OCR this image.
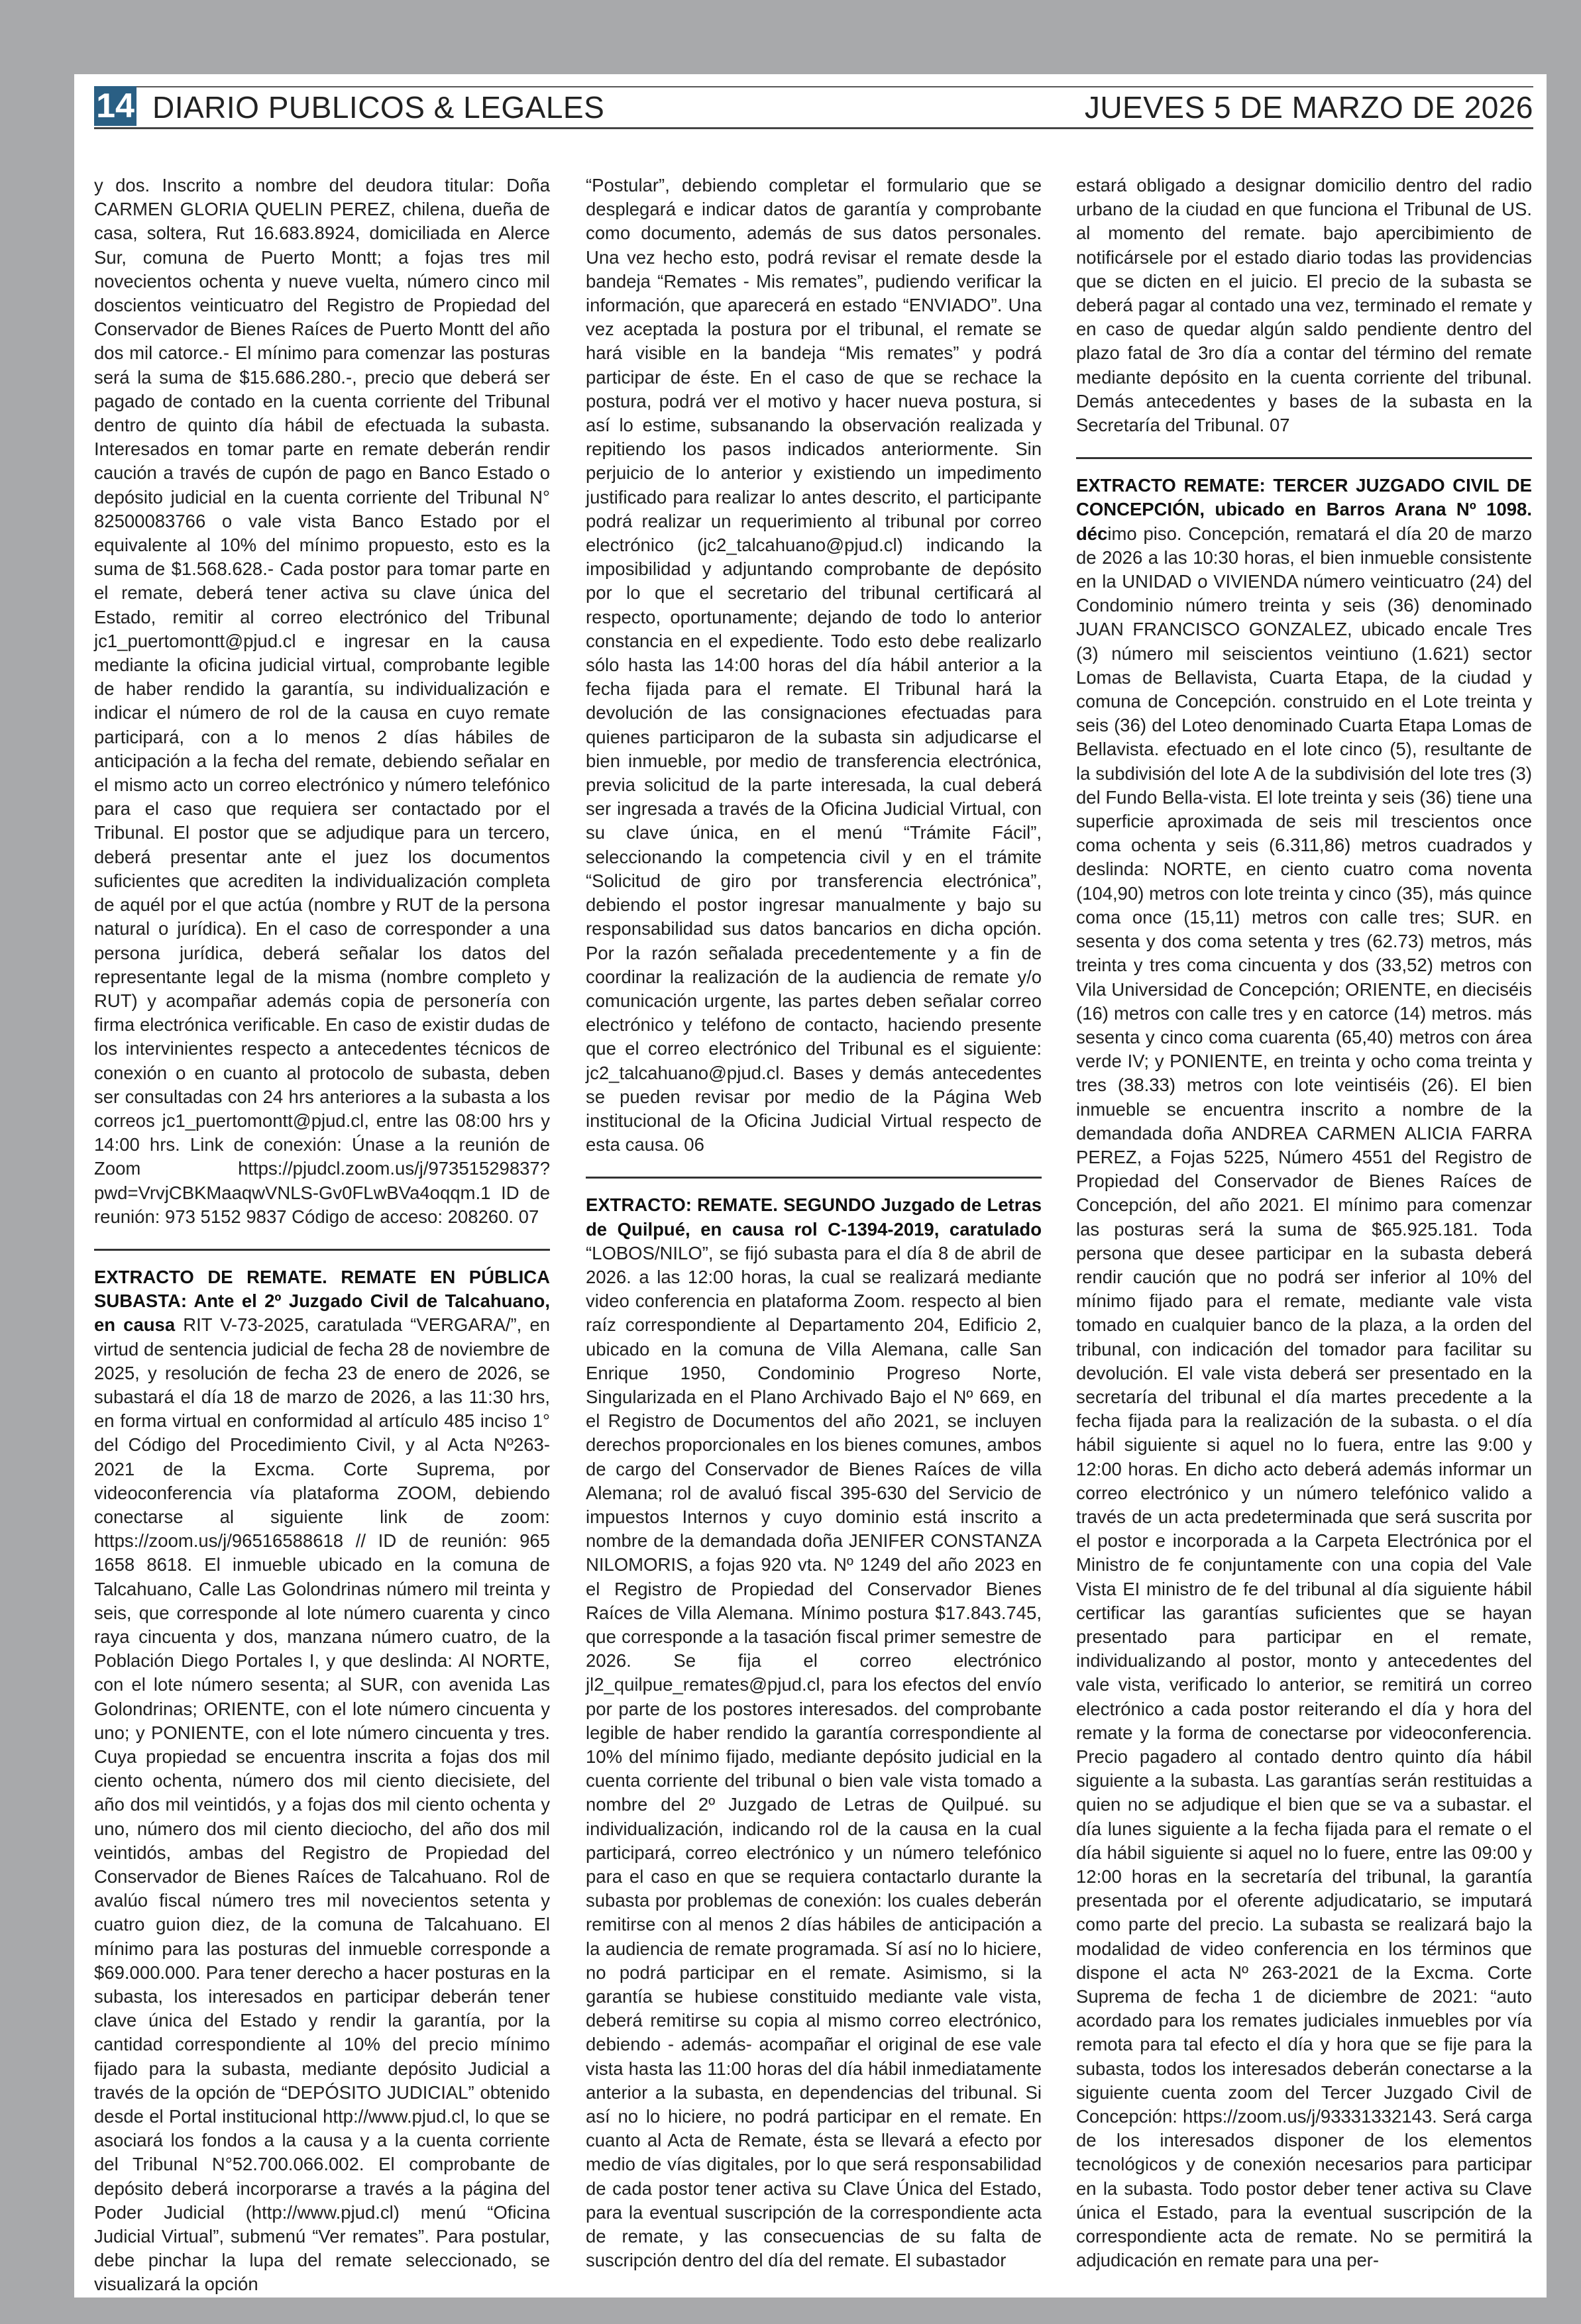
14 DIARIO PUBLICOS & LEGALES	JUEVES 5 DE MARZO DE 2026

y dos. Inscrito a nombre del deudora titular: Doña CARMEN GLORIA QUELIN PEREZ, chilena, dueña de casa, soltera, Rut 16.683.8924, domiciliada en Alerce Sur, comuna de Puerto Montt; a fojas tres mil novecientos ochenta y nueve vuelta, número cinco mil doscientos veinticuatro del Registro de Propiedad del Conservador de Bienes Raíces de Puerto Montt del año dos mil catorce.- El mínimo para comenzar las posturas será la suma de $15.686.280.-, precio que deberá ser pagado de contado en la cuenta corriente del Tribunal dentro de quinto día hábil de efectuada la subasta. Interesados en tomar parte en remate deberán rendir caución a través de cupón de pago en Banco Estado o depósito judicial en la cuenta corriente del Tribunal N° 82500083766 o vale vista Banco Estado por el equivalente al 10% del mínimo propuesto, esto es la suma de $1.568.628.- Cada postor para tomar parte en el remate, deberá tener activa su clave única del Estado, remitir al correo electrónico del Tribunal jc1_puertomontt@pjud.cl e ingresar en la causa mediante la oficina judicial virtual, comprobante legible de haber rendido la garantía, su individualización e indicar el número de rol de la causa en cuyo remate participará, con a lo menos 2 días hábiles de anticipación a la fecha del remate, debiendo señalar en el mismo acto un correo electrónico y número telefónico para el caso que requiera ser contactado por el Tribunal. El postor que se adjudique para un tercero, deberá presentar ante el juez los documentos suficientes que acrediten la individualización completa de aquél por el que actúa (nombre y RUT de la persona natural o jurídica). En el caso de corresponder a una persona jurídica, deberá señalar los datos del representante legal de la misma (nombre completo y RUT) y acompañar además copia de personería con firma electrónica verificable. En caso de existir dudas de los intervinientes respecto a antecedentes técnicos de conexión o en cuanto al protocolo de subasta, deben ser consultadas con 24 hrs anteriores a la subasta a los correos jc1_puertomontt@pjud.cl, entre las 08:00 hrs y 14:00 hrs. Link de conexión: Únase a la reunión de Zoom https://pjudcl.zoom.us/j/97351529837?pwd=VrvjCBKMaaqwVNLS-Gv0FLwBVa4oqqm.1 ID de reunión: 973 5152 9837 Código de acceso: 208260. 07

EXTRACTO DE REMATE. REMATE EN PÚBLICA SUBASTA: Ante el 2º Juzgado Civil de Talcahuano, en causa RIT V-73-2025, caratulada “VERGARA/”, en virtud de sentencia judicial de fecha 28 de noviembre de 2025, y resolución de fecha 23 de enero de 2026, se subastará el día 18 de marzo de 2026, a las 11:30 hrs, en forma virtual en conformidad al artículo 485 inciso 1° del Código del Procedimiento Civil, y al Acta Nº263- 2021 de la Excma. Corte Suprema, por videoconferencia vía plataforma ZOOM, debiendo conectarse al siguiente link de zoom: https://zoom.us/j/96516588618 // ID de reunión: 965 1658 8618. El inmueble ubicado en la comuna de Talcahuano, Calle Las Golondrinas número mil treinta y seis, que corresponde al lote número cuarenta y cinco raya cincuenta y dos, manzana número cuatro, de la Población Diego Portales I, y que deslinda: Al NORTE, con el lote número sesenta; al SUR, con avenida Las Golondrinas; ORIENTE, con el lote número cincuenta y uno; y PONIENTE, con el lote número cincuenta y tres. Cuya propiedad se encuentra inscrita a fojas dos mil ciento ochenta, número dos mil ciento diecisiete, del año dos mil veintidós, y a fojas dos mil ciento ochenta y uno, número dos mil ciento dieciocho, del año dos mil veintidós, ambas del Registro de Propiedad del Conservador de Bienes Raíces de Talcahuano. Rol de avalúo fiscal número tres mil novecientos setenta y cuatro guion diez, de la comuna de Talcahuano. El mínimo para las posturas del inmueble corresponde a $69.000.000. Para tener derecho a hacer posturas en la subasta, los interesados en participar deberán tener clave única del Estado y rendir la garantía, por la cantidad correspondiente al 10% del precio mínimo fijado para la subasta, mediante depósito Judicial a través de la opción de “DEPÓSITO JUDICIAL” obtenido desde el Portal institucional http://www.pjud.cl, lo que se asociará los fondos a la causa y a la cuenta corriente del Tribunal N°52.700.066.002. El comprobante de depósito deberá incorporarse a través a la página del Poder Judicial (http://www.pjud.cl) menú “Oficina Judicial Virtual”, submenú “Ver remates”. Para postular, debe pinchar la lupa del remate seleccionado, se visualizará la opción

“Postular”, debiendo completar el formulario que se desplegará e indicar datos de garantía y comprobante como documento, además de sus datos personales. Una vez hecho esto, podrá revisar el remate desde la bandeja “Remates - Mis remates”, pudiendo verificar la información, que aparecerá en estado “ENVIADO”. Una vez aceptada la postura por el tribunal, el remate se hará visible en la bandeja “Mis remates” y podrá participar de éste. En el caso de que se rechace la postura, podrá ver el motivo y hacer nueva postura, si así lo estime, subsanando la observación realizada y repitiendo los pasos indicados anteriormente. Sin perjuicio de lo anterior y existiendo un impedimento justificado para realizar lo antes descrito, el participante podrá realizar un requerimiento al tribunal por correo electrónico (jc2_talcahuano@pjud.cl) indicando la imposibilidad y adjuntando comprobante de depósito por lo que el secretario del tribunal certificará al respecto, oportunamente; dejando de todo lo anterior constancia en el expediente. Todo esto debe realizarlo sólo hasta las 14:00 horas del día hábil anterior a la fecha fijada para el remate. El Tribunal hará la devolución de las consignaciones efectuadas para quienes participaron de la subasta sin adjudicarse el bien inmueble, por medio de transferencia electrónica, previa solicitud de la parte interesada, la cual deberá ser ingresada a través de la Oficina Judicial Virtual, con su clave única, en el menú “Trámite Fácil”, seleccionando la competencia civil y en el trámite “Solicitud de giro por transferencia electrónica”, debiendo el postor ingresar manualmente y bajo su responsabilidad sus datos bancarios en dicha opción. Por la razón señalada precedentemente y a fin de coordinar la realización de la audiencia de remate y/o comunicación urgente, las partes deben señalar correo electrónico y teléfono de contacto, haciendo presente que el correo electrónico del Tribunal es el siguiente: jc2_talcahuano@pjud.cl. Bases y demás antecedentes se pueden revisar por medio de la Página Web institucional de la Oficina Judicial Virtual respecto de esta causa. 06

EXTRACTO: REMATE. SEGUNDO Juzgado de Letras de Quilpué, en causa rol C-1394-2019, caratulado “LOBOS/NILO”, se fijó subasta para el día 8 de abril de 2026. a las 12:00 horas, la cual se realizará mediante video conferencia en plataforma Zoom. respecto al bien raíz correspondiente al Departamento 204, Edificio 2, ubicado en la comuna de Villa Alemana, calle San Enrique 1950, Condominio Progreso Norte, Singularizada en el Plano Archivado Bajo el Nº 669, en el Registro de Documentos del año 2021, se incluyen derechos proporcionales en los bienes comunes, ambos de cargo del Conservador de Bienes Raíces de villa Alemana; rol de avaluó fiscal 395-630 del Servicio de impuestos Internos y cuyo dominio está inscrito a nombre de la demandada doña JENIFER CONSTANZA NILOMORIS, a fojas 920 vta. Nº 1249 del año 2023 en el Registro de Propiedad del Conservador Bienes Raíces de Villa Alemana. Mínimo postura $17.843.745, que corresponde a la tasación fiscal primer semestre de 2026. Se fija el correo electrónico jl2_quilpue_remates@pjud.cl, para los efectos del envío por parte de los postores interesados. del comprobante legible de haber rendido la garantía correspondiente al 10% del mínimo fijado, mediante depósito judicial en la cuenta corriente del tribunal o bien vale vista tomado a nombre del 2º Juzgado de Letras de Quilpué. su individualización, indicando rol de la causa en la cual participará, correo electrónico y un número telefónico para el caso en que se requiera contactarlo durante la subasta por problemas de conexión: los cuales deberán remitirse con al menos 2 días hábiles de anticipación a la audiencia de remate programada. Sí así no lo hiciere, no podrá participar en el remate. Asimismo, si la garantía se hubiese constituido mediante vale vista, deberá remitirse su copia al mismo correo electrónico, debiendo - además- acompañar el original de ese vale vista hasta las 11:00 horas del día hábil inmediatamente anterior a la subasta, en dependencias del tribunal. Si así no lo hiciere, no podrá participar en el remate. En cuanto al Acta de Remate, ésta se llevará a efecto por medio de vías digitales, por lo que será responsabilidad de cada postor tener activa su Clave Única del Estado, para la eventual suscripción de la correspondiente acta de remate, y las consecuencias de su falta de suscripción dentro del día del remate. El subastador

estará obligado a designar domicilio dentro del radio urbano de la ciudad en que funciona el Tribunal de US. al momento del remate. bajo apercibimiento de notificársele por el estado diario todas las providencias que se dicten en el juicio. El precio de la subasta se deberá pagar al contado una vez, terminado el remate y en caso de quedar algún saldo pendiente dentro del plazo fatal de 3ro día a contar del término del remate mediante depósito en la cuenta corriente del tribunal. Demás antecedentes y bases de la subasta en la Secretaría del Tribunal. 07

EXTRACTO REMATE: TERCER JUZGADO CIVIL DE CONCEPCIÓN, ubicado en Barros Arana Nº 1098. décimo piso. Concepción, rematará el día 20 de marzo de 2026 a las 10:30 horas, el bien inmueble consistente en la UNIDAD o VIVIENDA número veinticuatro (24) del Condominio número treinta y seis (36) denominado JUAN FRANCISCO GONZALEZ, ubicado encale Tres (3) número mil seiscientos veintiuno (1.621) sector Lomas de Bellavista, Cuarta Etapa, de la ciudad y comuna de Concepción. construido en el Lote treinta y seis (36) del Loteo denominado Cuarta Etapa Lomas de Bellavista. efectuado en el lote cinco (5), resultante de la subdivisión del lote A de la subdivisión del lote tres (3) del Fundo Bella-vista. El lote treinta y seis (36) tiene una superficie aproximada de seis mil trescientos once coma ochenta y seis (6.311,86) metros cuadrados y deslinda: NORTE, en ciento cuatro coma noventa (104,90) metros con lote treinta y cinco (35), más quince coma once (15,11) metros con calle tres; SUR. en sesenta y dos coma setenta y tres (62.73) metros, más treinta y tres coma cincuenta y dos (33,52) metros con Vila Universidad de Concepción; ORIENTE, en dieciséis (16) metros con calle tres y en catorce (14) metros. más sesenta y cinco coma cuarenta (65,40) metros con área verde IV; y PONIENTE, en treinta y ocho coma treinta y tres (38.33) metros con lote veintiséis (26). El bien inmueble se encuentra inscrito a nombre de la demandada doña ANDREA CARMEN ALICIA FARRA PEREZ, a Fojas 5225, Número 4551 del Registro de Propiedad del Conservador de Bienes Raíces de Concepción, del año 2021. El mínimo para comenzar las posturas será la suma de $65.925.181. Toda persona que desee participar en la subasta deberá rendir caución que no podrá ser inferior al 10% del mínimo fijado para el remate, mediante vale vista tomado en cualquier banco de la plaza, a la orden del tribunal, con indicación del tomador para facilitar su devolución. El vale vista deberá ser presentado en la secretaría del tribunal el día martes precedente a la fecha fijada para la realización de la subasta. o el día hábil siguiente si aquel no lo fuera, entre las 9:00 y 12:00 horas. En dicho acto deberá además informar un correo electrónico y un número telefónico valido a través de un acta predeterminada que será suscrita por el postor e incorporada a la Carpeta Electrónica por el Ministro de fe conjuntamente con una copia del Vale Vista EI ministro de fe del tribunal al día siguiente hábil certificar las garantías suficientes que se hayan presentado para participar en el remate, individualizando al postor, monto y antecedentes del vale vista, verificado lo anterior, se remitirá un correo electrónico a cada postor reiterando el día y hora del remate y la forma de conectarse por videoconferencia. Precio pagadero al contado dentro quinto día hábil siguiente a la subasta. Las garantías serán restituidas a quien no se adjudique el bien que se va a subastar. el día lunes siguiente a la fecha fijada para el remate o el día hábil siguiente si aquel no lo fuere, entre las 09:00 y 12:00 horas en la secretaría del tribunal, la garantía presentada por el oferente adjudicatario, se imputará como parte del precio. La subasta se realizará bajo la modalidad de video conferencia en los términos que dispone el acta Nº 263-2021 de la Excma. Corte Suprema de fecha 1 de diciembre de 2021: “auto acordado para los remates judiciales inmuebles por vía remota para tal efecto el día y hora que se fije para la subasta, todos los interesados deberán conectarse a la siguiente cuenta zoom del Tercer Juzgado Civil de Concepción: https://zoom.us/j/93331332143. Será carga de los interesados disponer de los elementos tecnológicos y de conexión necesarios para participar en la subasta. Todo postor deber tener activa su Clave única el Estado, para la eventual suscripción de la correspondiente acta de remate. No se permitirá la adjudicación en remate para una per-
